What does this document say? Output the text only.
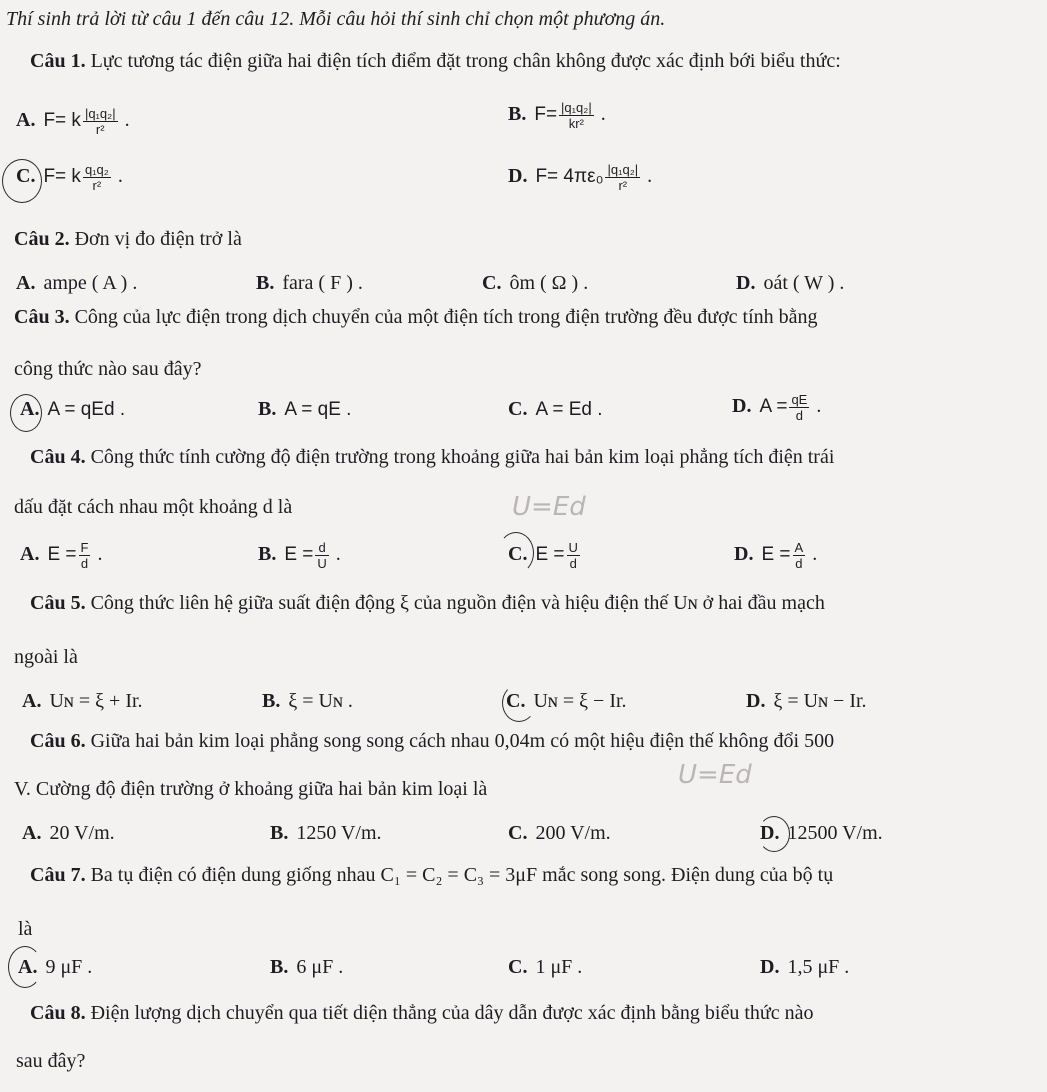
Thí sinh trả lời từ câu 1 đến câu 12. Mỗi câu hỏi thí sinh chỉ chọn một phương án.
Câu 1. Lực tương tác điện giữa hai điện tích điểm đặt trong chân không được xác định bới biểu thức:
A. F= k $\frac{\text{|q₁q₂|}}{\text{r²}}$ .	B. $F= \frac{\text{|q₁q₂|}}{\text{kr²}}$ .
C. F= k $\frac{\text{q₁q₂}}{\text{r²}}$ .	D. $F= 4\pi\varepsilon_0 \frac{\text{|q₁q₂|}}{\text{r²}}$ .
Câu 2. Đơn vị đo điện trở là
A. ampe ( A ) .	B. fara ( F ) .	C. ôm ( Ω ) .	D. oát ( W ) .
Câu 3. Công của lực điện trong dịch chuyển của một điện tích trong điện trường đều được tính bằng
công thức nào sau đây?
A. A = qEd .	B. A = qE .	C. A = Ed .	D. $A = \frac{qE}{d}$ .
Câu 4. Công thức tính cường độ điện trường trong khoảng giữa hai bản kim loại phẳng tích điện trái
dấu đặt cách nhau một khoảng d là	U=Ed
A. $E = \frac{F}{d}$ .	B. $E = \frac{d}{U}$ .	C. $E = \frac{U}{d}$	D. $E = \frac{A}{d}$ .
Câu 5. Công thức liên hệ giữa suất điện động ξ của nguồn điện và hiệu điện thế Uɴ ở hai đầu mạch
ngoài là
A. Uɴ = ξ + Ir.	B. ξ = Uɴ .	C. Uɴ = ξ − Ir.	D. ξ = Uɴ − Ir.
Câu 6. Giữa hai bản kim loại phẳng song song cách nhau 0,04m có một hiệu điện thế không đổi 500
V. Cường độ điện trường ở khoảng giữa hai bản kim loại là	U=Ed
A. 20 V/m.	B. 1250 V/m.	C. 200 V/m.	D. 12500 V/m.
Câu 7. Ba tụ điện có điện dung giống nhau C₁ = C₂ = C₃ = 3μF mắc song song. Điện dung của bộ tụ
là
A. 9 μF .	B. 6 μF .	C. 1 μF .	D. 1,5 μF .
Câu 8. Điện lượng dịch chuyển qua tiết diện thẳng của dây dẫn được xác định bằng biểu thức nào
sau đây?
